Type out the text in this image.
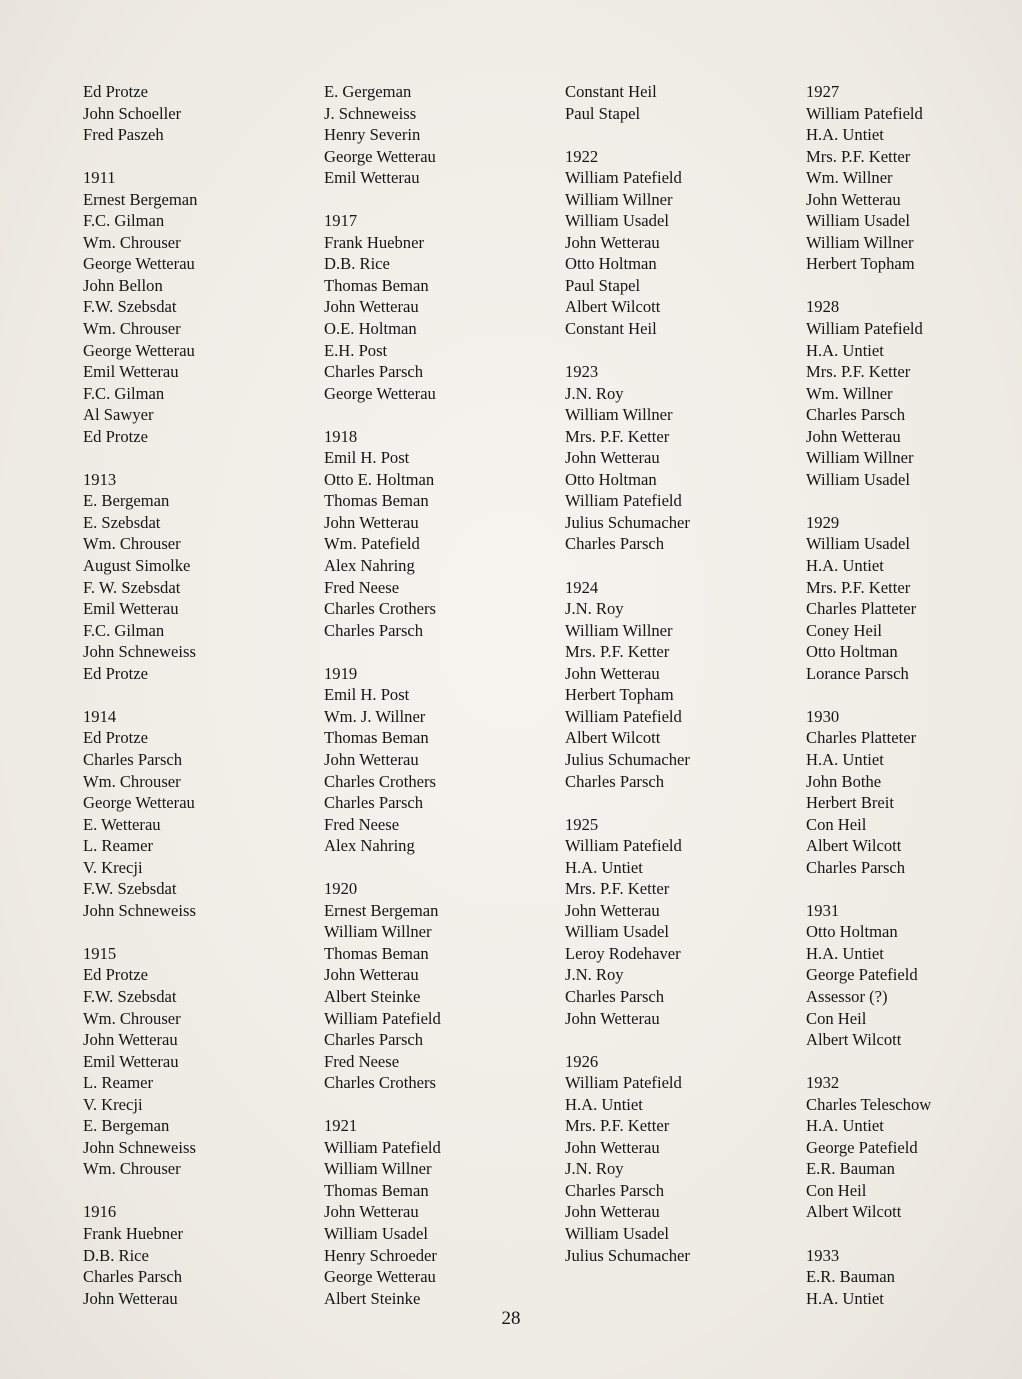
Ed Protze
John Schoeller
Fred Paszeh
1911
Ernest Bergeman
F.C. Gilman
Wm. Chrouser
George Wetterau
John Bellon
F.W. Szebsdat
Wm. Chrouser
George Wetterau
Emil Wetterau
F.C. Gilman
Al Sawyer
Ed Protze
1913
E. Bergeman
E. Szebsdat
Wm. Chrouser
August Simolke
F. W. Szebsdat
Emil Wetterau
F.C. Gilman
John Schneweiss
Ed Protze
1914
Ed Protze
Charles Parsch
Wm. Chrouser
George Wetterau
E. Wetterau
L. Reamer
V. Krecji
F.W. Szebsdat
John Schneweiss
1915
Ed Protze
F.W. Szebsdat
Wm. Chrouser
John Wetterau
Emil Wetterau
L. Reamer
V. Krecji
E. Bergeman
John Schneweiss
Wm. Chrouser
1916
Frank Huebner
D.B. Rice
Charles Parsch
John Wetterau
E. Gergeman
J. Schneweiss
Henry Severin
George Wetterau
Emil Wetterau
1917
Frank Huebner
D.B. Rice
Thomas Beman
John Wetterau
O.E. Holtman
E.H. Post
Charles Parsch
George Wetterau
1918
Emil H. Post
Otto E. Holtman
Thomas Beman
John Wetterau
Wm. Patefield
Alex Nahring
Fred Neese
Charles Crothers
Charles Parsch
1919
Emil H. Post
Wm. J. Willner
Thomas Beman
John Wetterau
Charles Crothers
Charles Parsch
Fred Neese
Alex Nahring
1920
Ernest Bergeman
William Willner
Thomas Beman
John Wetterau
Albert Steinke
William Patefield
Charles Parsch
Fred Neese
Charles Crothers
1921
William Patefield
William Willner
Thomas Beman
John Wetterau
William Usadel
Henry Schroeder
George Wetterau
Albert Steinke
Constant Heil
Paul Stapel
1922
William Patefield
William Willner
William Usadel
John Wetterau
Otto Holtman
Paul Stapel
Albert Wilcott
Constant Heil
1923
J.N. Roy
William Willner
Mrs. P.F. Ketter
John Wetterau
Otto Holtman
William Patefield
Julius Schumacher
Charles Parsch
1924
J.N. Roy
William Willner
Mrs. P.F. Ketter
John Wetterau
Herbert Topham
William Patefield
Albert Wilcott
Julius Schumacher
Charles Parsch
1925
William Patefield
H.A. Untiet
Mrs. P.F. Ketter
John Wetterau
William Usadel
Leroy Rodehaver
J.N. Roy
Charles Parsch
John Wetterau
1926
William Patefield
H.A. Untiet
Mrs. P.F. Ketter
John Wetterau
J.N. Roy
Charles Parsch
John Wetterau
William Usadel
Julius Schumacher
1927
William Patefield
H.A. Untiet
Mrs. P.F. Ketter
Wm. Willner
John Wetterau
William Usadel
William Willner
Herbert Topham
1928
William Patefield
H.A. Untiet
Mrs. P.F. Ketter
Wm. Willner
Charles Parsch
John Wetterau
William Willner
William Usadel
1929
William Usadel
H.A. Untiet
Mrs. P.F. Ketter
Charles Platteter
Coney Heil
Otto Holtman
Lorance Parsch
1930
Charles Platteter
H.A. Untiet
John Bothe
Herbert Breit
Con Heil
Albert Wilcott
Charles Parsch
1931
Otto Holtman
H.A. Untiet
George Patefield
Assessor (?)
Con Heil
Albert Wilcott
1932
Charles Teleschow
H.A. Untiet
George Patefield
E.R. Bauman
Con Heil
Albert Wilcott
1933
E.R. Bauman
H.A. Untiet
28
